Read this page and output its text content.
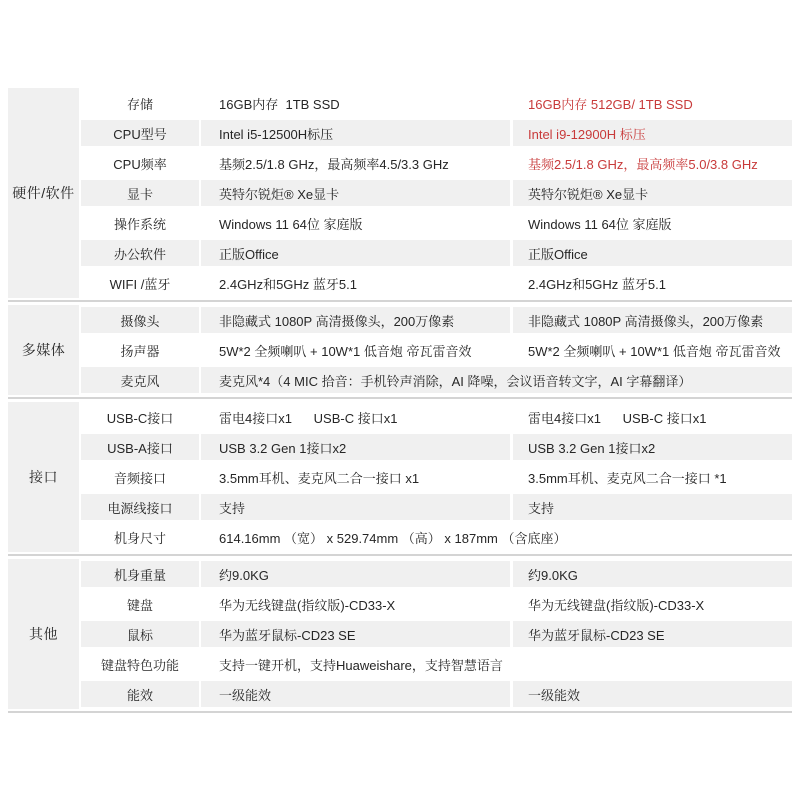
硬件/软件
存储	16GB内存  1TB SSD	16GB内存 512GB/ 1TB SSD
CPU型号	Intel i5-12500H标压	Intel i9-12900H 标压
CPU频率	基频2.5/1.8 GHz，最高频率4.5/3.3 GHz	基频2.5/1.8 GHz，最高频率5.0/3.8 GHz
显卡	英特尔锐炬® Xe显卡	英特尔锐炬® Xe显卡
操作系统	Windows 11 64位 家庭版	Windows 11 64位 家庭版
办公软件	正版Office	正版Office
WIFI /蓝牙	2.4GHz和5GHz 蓝牙5.1	2.4GHz和5GHz 蓝牙5.1
多媒体
摄像头	非隐藏式 1080P 高清摄像头，200万像素	非隐藏式 1080P 高清摄像头，200万像素
扬声器	5W*2 全频喇叭 + 10W*1 低音炮 帝瓦雷音效	5W*2 全频喇叭 + 10W*1 低音炮 帝瓦雷音效
麦克风	麦克风*4（4 MIC 拾音：手机铃声消除，AI 降噪，会议语音转文字，AI 字幕翻译）
接口
USB-C接口	雷电4接口x1      USB-C 接口x1	雷电4接口x1      USB-C 接口x1
USB-A接口	USB 3.2 Gen 1接口x2	USB 3.2 Gen 1接口x2
音频接口	3.5mm耳机、麦克风二合一接口 x1	3.5mm耳机、麦克风二合一接口 *1
电源线接口	支持	支持
机身尺寸	614.16mm （宽） x 529.74mm （高） x 187mm （含底座）
其他
机身重量	约9.0KG	约9.0KG
键盘	华为无线键盘(指纹版)-CD33-X	华为无线键盘(指纹版)-CD33-X
鼠标	华为蓝牙鼠标-CD23 SE	华为蓝牙鼠标-CD23 SE
键盘特色功能	支持一键开机，支持Huaweishare，支持智慧语言
能效	一级能效	一级能效
